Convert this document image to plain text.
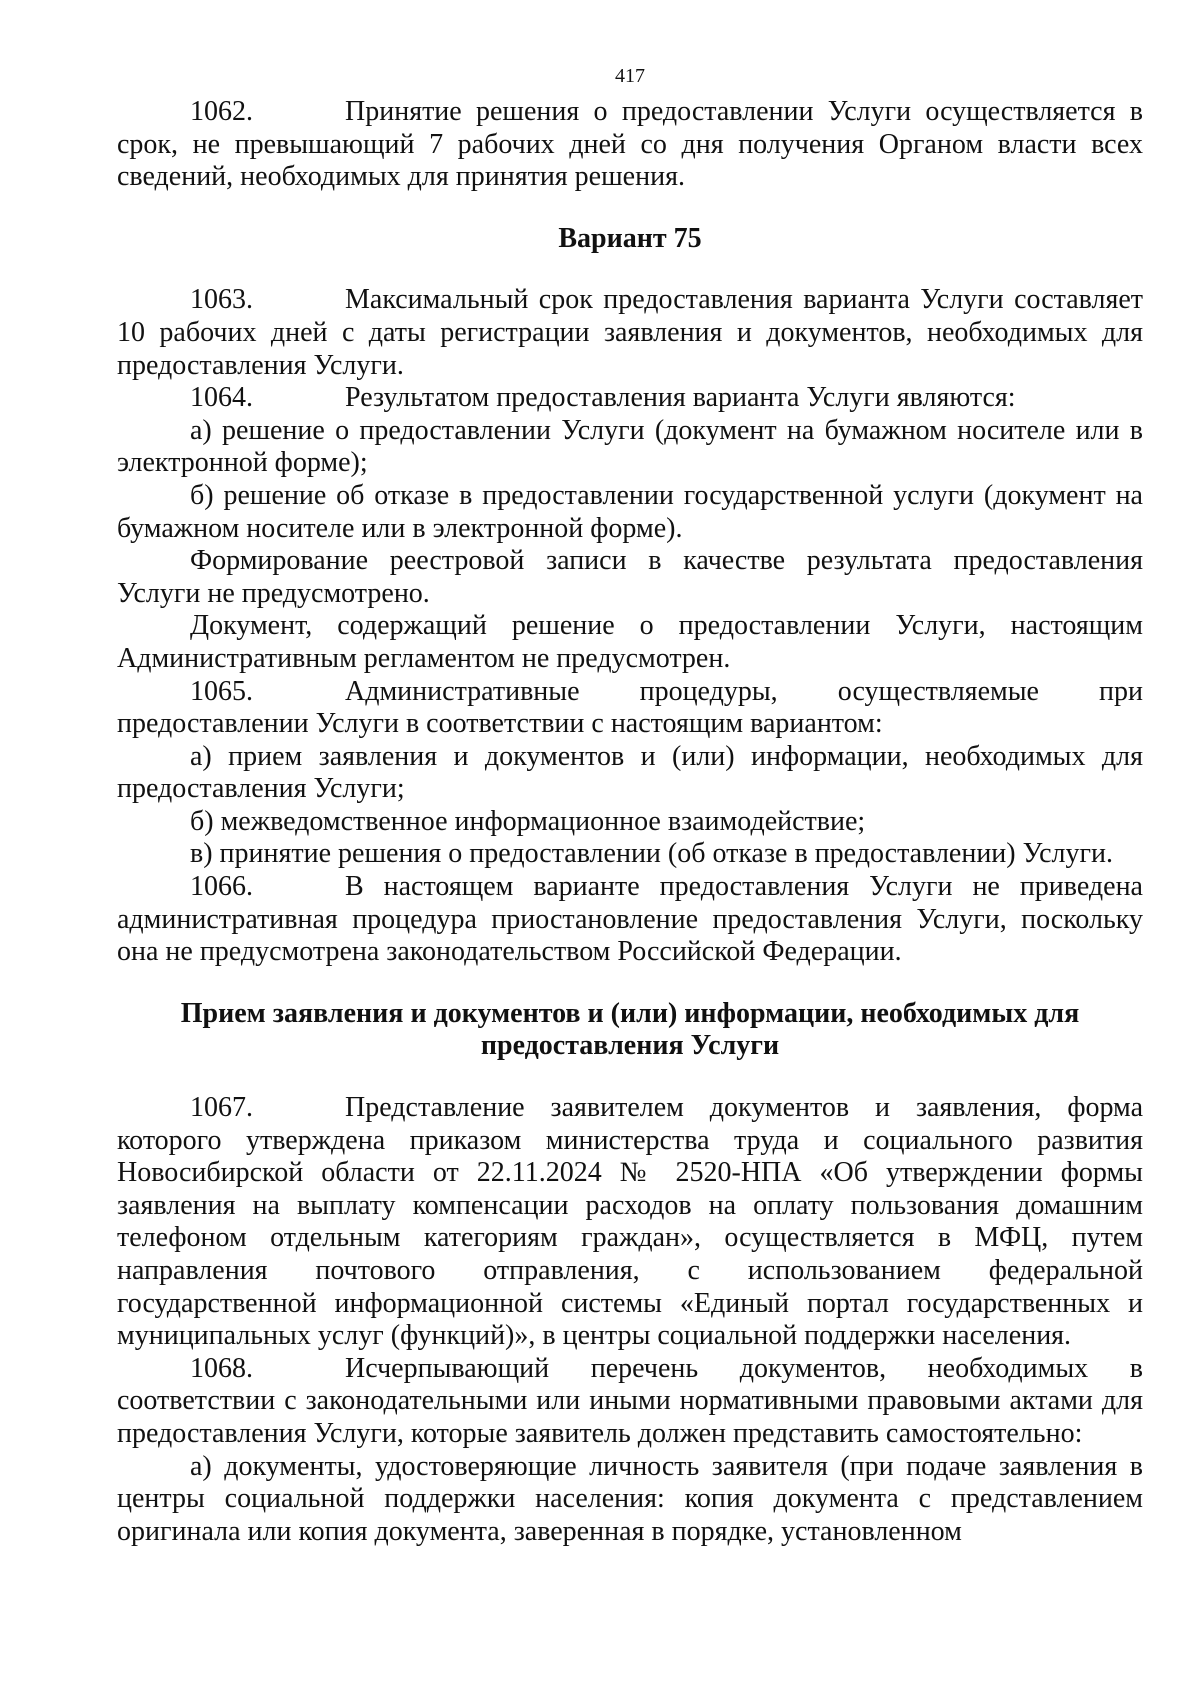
417

1062.	Принятие решения о предоставлении Услуги осуществляется в срок, не превышающий 7 рабочих дней со дня получения Органом власти всех сведений, необходимых для принятия решения.

Вариант 75

1063.	Максимальный срок предоставления варианта Услуги составляет 10 рабочих дней с даты регистрации заявления и документов, необходимых для предоставления Услуги.

1064.	Результатом предоставления варианта Услуги являются:

а) решение о предоставлении Услуги (документ на бумажном носителе или в электронной форме);

б) решение об отказе в предоставлении государственной услуги (документ на бумажном носителе или в электронной форме).

Формирование реестровой записи в качестве результата предоставления Услуги не предусмотрено.

Документ, содержащий решение о предоставлении Услуги, настоящим Административным регламентом не предусмотрен.

1065.	Административные процедуры, осуществляемые при предоставлении Услуги в соответствии с настоящим вариантом:

а) прием заявления и документов и (или) информации, необходимых для предоставления Услуги;

б) межведомственное информационное взаимодействие;

в) принятие решения о предоставлении (об отказе в предоставлении) Услуги.

1066.	В настоящем варианте предоставления Услуги не приведена административная процедура приостановление предоставления Услуги, поскольку она не предусмотрена законодательством Российской Федерации.

Прием заявления и документов и (или) информации, необходимых для

предоставления Услуги

1067.	Представление заявителем документов и заявления, форма которого утверждена приказом министерства труда и социального развития Новосибирской области от 22.11.2024 № 2520-НПА «Об утверждении формы заявления на выплату компенсации расходов на оплату пользования домашним телефоном отдельным категориям граждан», осуществляется в МФЦ, путем направления почтового отправления, с использованием федеральной государственной информационной системы «Единый портал государственных и муниципальных услуг (функций)», в центры социальной поддержки населения.

1068.	Исчерпывающий перечень документов, необходимых в соответствии с законодательными или иными нормативными правовыми актами для предоставления Услуги, которые заявитель должен представить самостоятельно:

а) документы, удостоверяющие личность заявителя (при подаче заявления в центры социальной поддержки населения: копия документа с представлением оригинала или копия документа, заверенная в порядке, установленном
